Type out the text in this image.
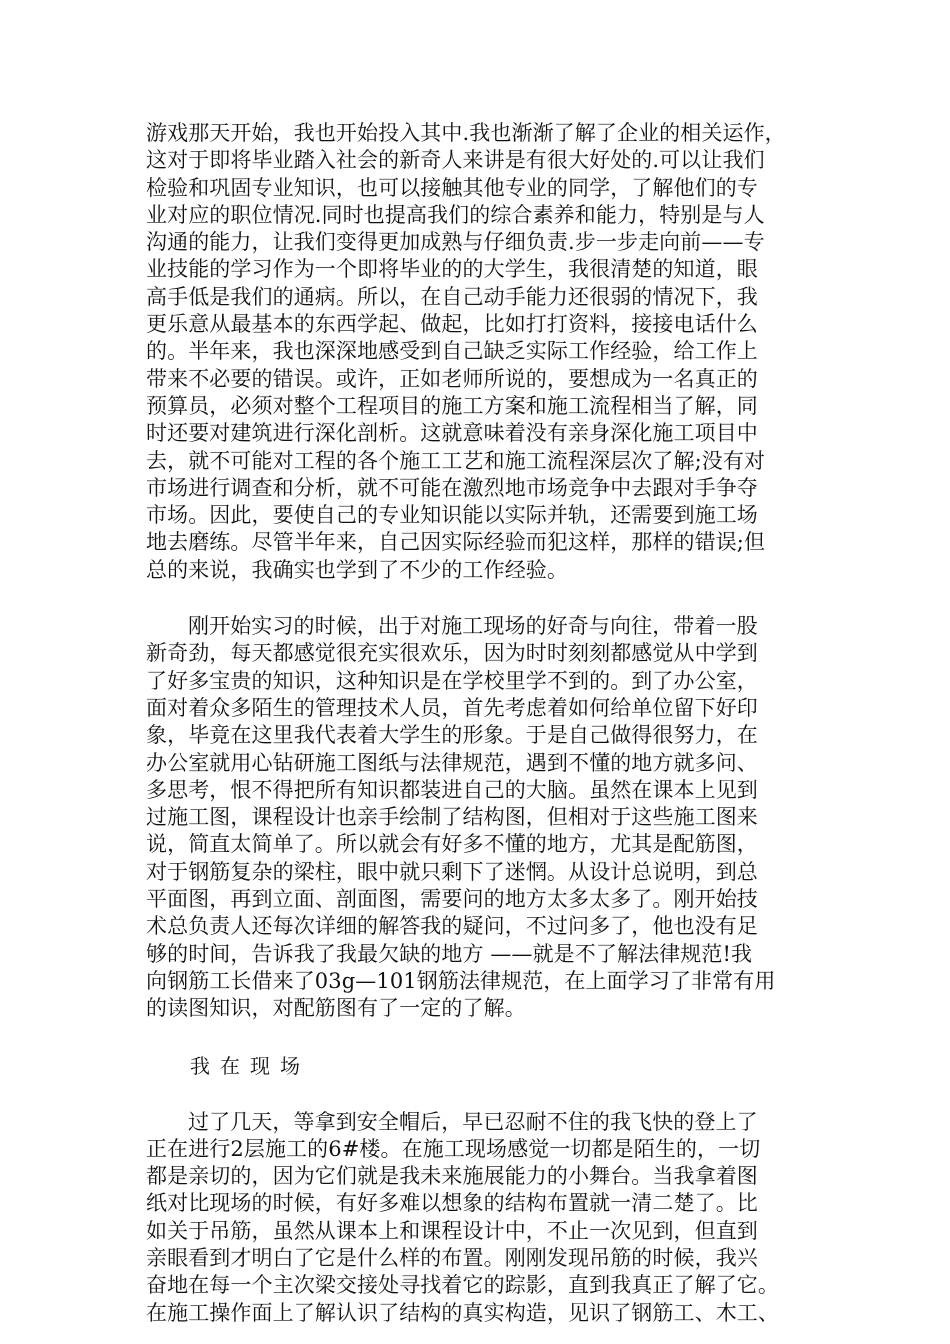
游戏那天开始，我也开始投入其中.我也渐渐了解了企业的相关运作，
这对于即将毕业踏入社会的新奇人来讲是有很大好处的.可以让我们
检验和巩固专业知识，也可以接触其他专业的同学，了解他们的专
业对应的职位情况.同时也提高我们的综合素养和能力，特别是与人
沟通的能力，让我们变得更加成熟与仔细负责.步一步走向前——专
业技能的学习作为一个即将毕业的的大学生，我很清楚的知道，眼
高手低是我们的通病。所以，在自己动手能力还很弱的情况下，我
更乐意从最基本的东西学起、做起，比如打打资料，接接电话什么
的。半年来，我也深深地感受到自己缺乏实际工作经验，给工作上
带来不必要的错误。或许，正如老师所说的，要想成为一名真正的
预算员，必须对整个工程项目的施工方案和施工流程相当了解，同
时还要对建筑进行深化剖析。这就意味着没有亲身深化施工项目中
去，就不可能对工程的各个施工工艺和施工流程深层次了解;没有对
市场进行调查和分析，就不可能在激烈地市场竞争中去跟对手争夺
市场。因此，要使自己的专业知识能以实际并轨，还需要到施工场
地去磨练。尽管半年来，自己因实际经验而犯这样，那样的错误;但
总的来说，我确实也学到了不少的工作经验。
刚开始实习的时候，出于对施工现场的好奇与向往，带着一股
新奇劲，每天都感觉很充实很欢乐，因为时时刻刻都感觉从中学到
了好多宝贵的知识，这种知识是在学校里学不到的。到了办公室，
面对着众多陌生的管理技术人员，首先考虑着如何给单位留下好印
象，毕竟在这里我代表着大学生的形象。于是自己做得很努力，在
办公室就用心钻研施工图纸与法律规范，遇到不懂的地方就多问、
多思考，恨不得把所有知识都装进自己的大脑。虽然在课本上见到
过施工图，课程设计也亲手绘制了结构图，但相对于这些施工图来
说，简直太简单了。所以就会有好多不懂的地方，尤其是配筋图，
对于钢筋复杂的梁柱，眼中就只剩下了迷惘。从设计总说明，到总
平面图，再到立面、剖面图，需要问的地方太多太多了。刚开始技
术总负责人还每次详细的解答我的疑问，不过问多了，他也没有足
够的时间，告诉我了我最欠缺的地方 ——就是不了解法律规范!我
向钢筋工长借来了03g—101钢筋法律规范，在上面学习了非常有用
的读图知识，对配筋图有了一定的了解。
我在现场
过了几天，等拿到安全帽后，早已忍耐不住的我飞快的登上了
正在进行2层施工的6#楼。在施工现场感觉一切都是陌生的，一切
都是亲切的，因为它们就是我未来施展能力的小舞台。当我拿着图
纸对比现场的时候，有好多难以想象的结构布置就一清二楚了。比
如关于吊筋，虽然从课本上和课程设计中，不止一次见到，但直到
亲眼看到才明白了它是什么样的布置。刚刚发现吊筋的时候，我兴
奋地在每一个主次梁交接处寻找着它的踪影，直到我真正了解了它。
在施工操作面上了解认识了结构的真实构造，见识了钢筋工、木工、
